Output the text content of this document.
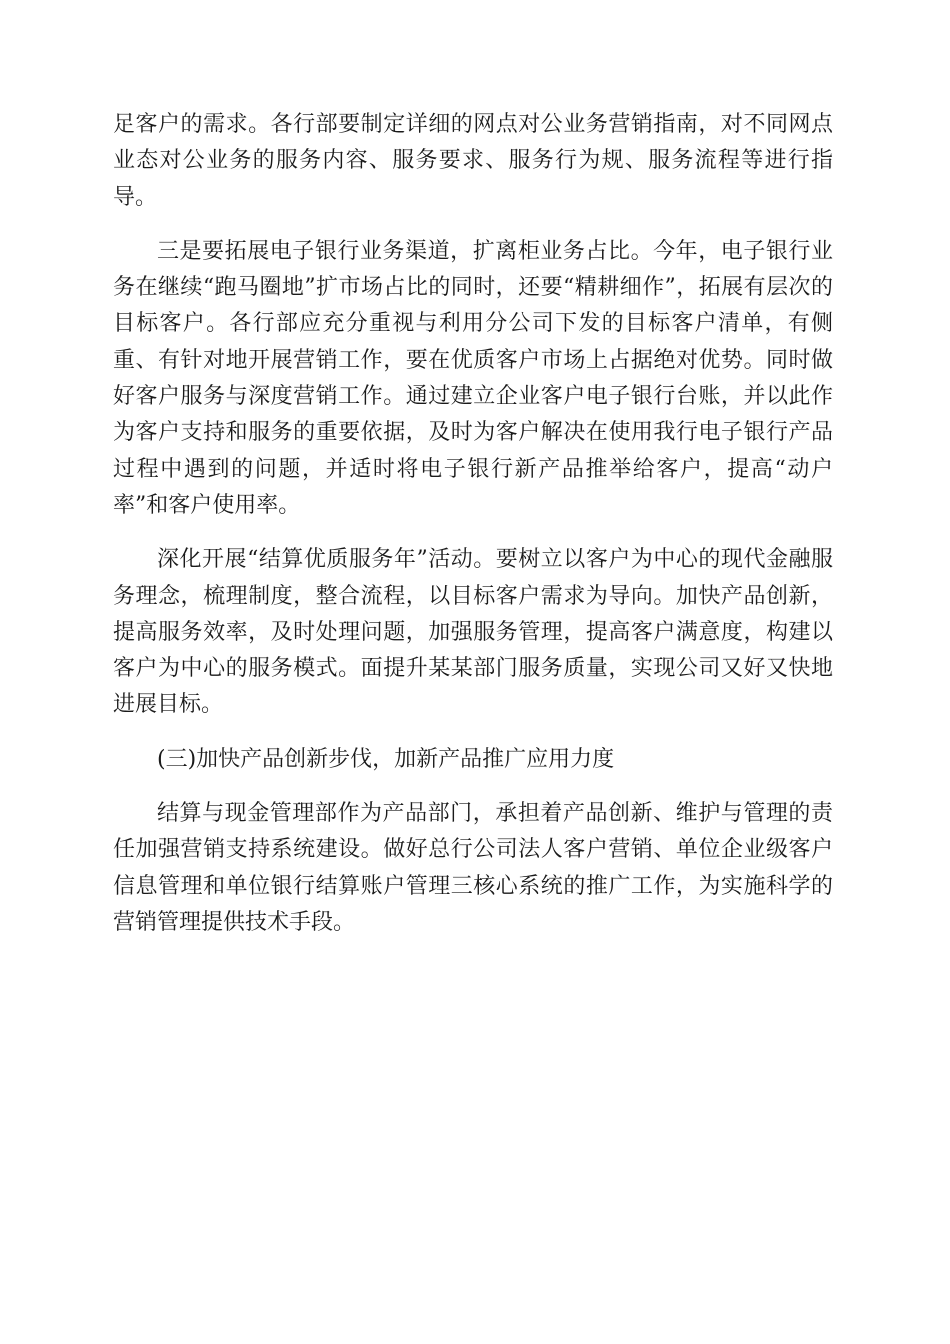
足客户的需求。各行部要制定详细的网点对公业务营销指南，对不同网点业态对公业务的服务内容、服务要求、服务行为规、服务流程等进行指导。

三是要拓展电子银行业务渠道，扩离柜业务占比。今年，电子银行业务在继续“跑马圈地”扩市场占比的同时，还要“精耕细作”，拓展有层次的目标客户。各行部应充分重视与利用分公司下发的目标客户清单，有侧重、有针对地开展营销工作，要在优质客户市场上占据绝对优势。同时做好客户服务与深度营销工作。通过建立企业客户电子银行台账，并以此作为客户支持和服务的重要依据，及时为客户解决在使用我行电子银行产品过程中遇到的问题，并适时将电子银行新产品推举给客户，提高“动户率”和客户使用率。

深化开展“结算优质服务年”活动。要树立以客户为中心的现代金融服务理念，梳理制度，整合流程，以目标客户需求为导向。加快产品创新，提高服务效率，及时处理问题，加强服务管理，提高客户满意度，构建以客户为中心的服务模式。面提升某某部门服务质量，实现公司又好又快地进展目标。

(三)加快产品创新步伐，加新产品推广应用力度

结算与现金管理部作为产品部门，承担着产品创新、维护与管理的责任加强营销支持系统建设。做好总行公司法人客户营销、单位企业级客户信息管理和单位银行结算账户管理三核心系统的推广工作，为实施科学的营销管理提供技术手段。
